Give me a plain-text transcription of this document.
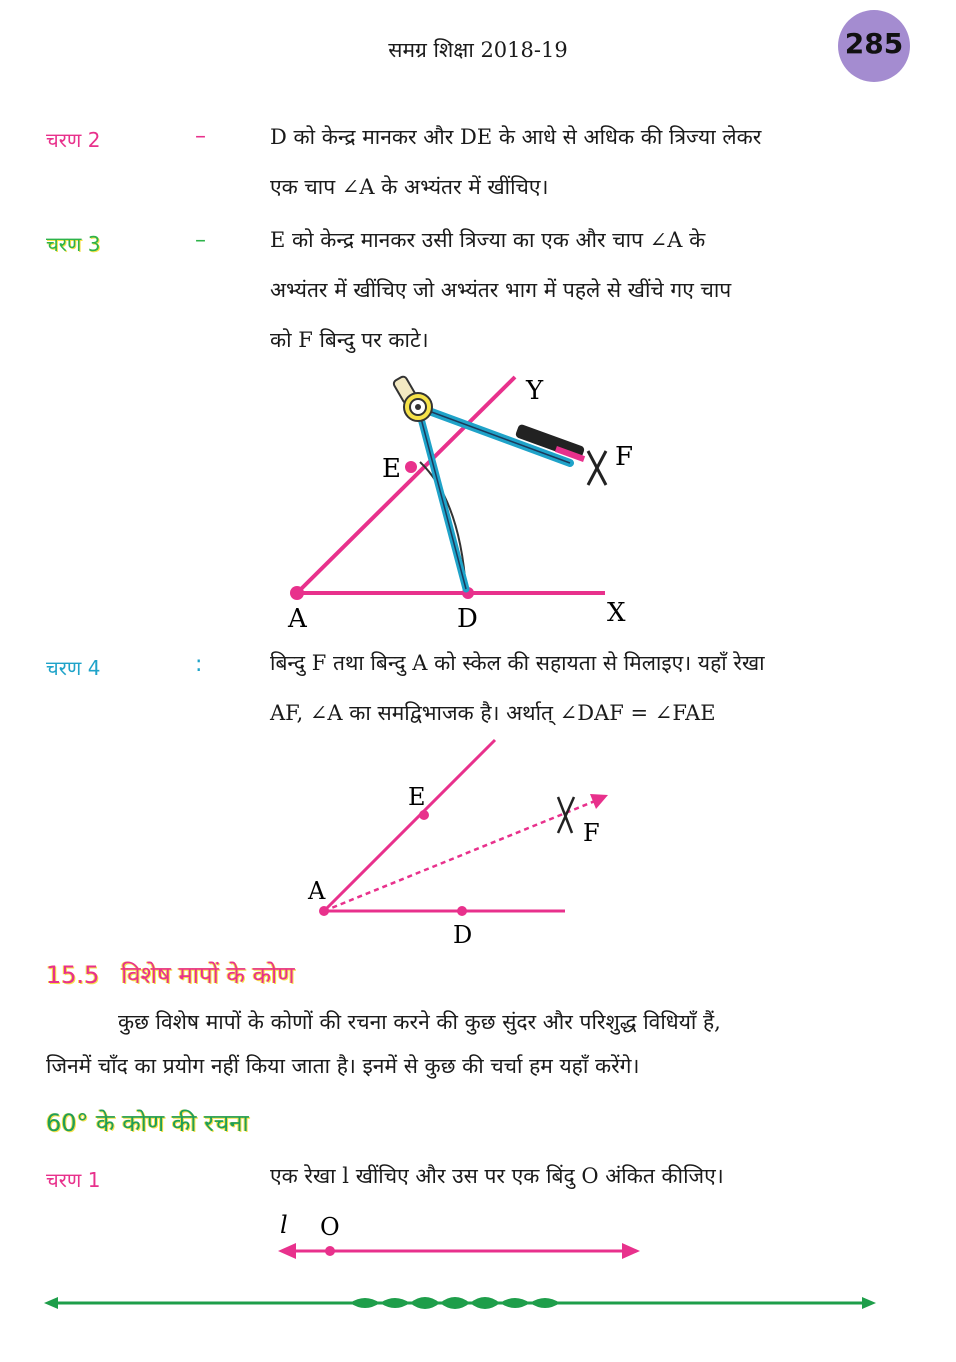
समग्र शिक्षा 2018-19	285
चरण 2	–	D को केन्द्र मानकर और DE के आधे से अधिक की त्रिज्या लेकर
एक चाप ∠A के अभ्यंतर में खींचिए।
चरण 3	–	E को केन्द्र मानकर उसी त्रिज्या का एक और चाप ∠A के
अभ्यंतर में खींचिए जो अभ्यंतर भाग में पहले से खींचे गए चाप
को F बिन्दु पर काटे।
Y
F
E
A	D	X
चरण 4	:	बिन्दु F तथा बिन्दु A को स्केल की सहायता से मिलाइए। यहाँ रेखा
AF, ∠A का समद्विभाजक है। अर्थात् ∠DAF = ∠FAE
E
F
A
D
15.5 विशेष मापों के कोण
कुछ विशेष मापों के कोणों की रचना करने की कुछ सुंदर और परिशुद्ध विधियाँ हैं,
जिनमें चाँद का प्रयोग नहीं किया जाता है। इनमें से कुछ की चर्चा हम यहाँ करेंगे।
60° के कोण की रचना
चरण 1	एक रेखा l खींचिए और उस पर एक बिंदु O अंकित कीजिए।
l O
